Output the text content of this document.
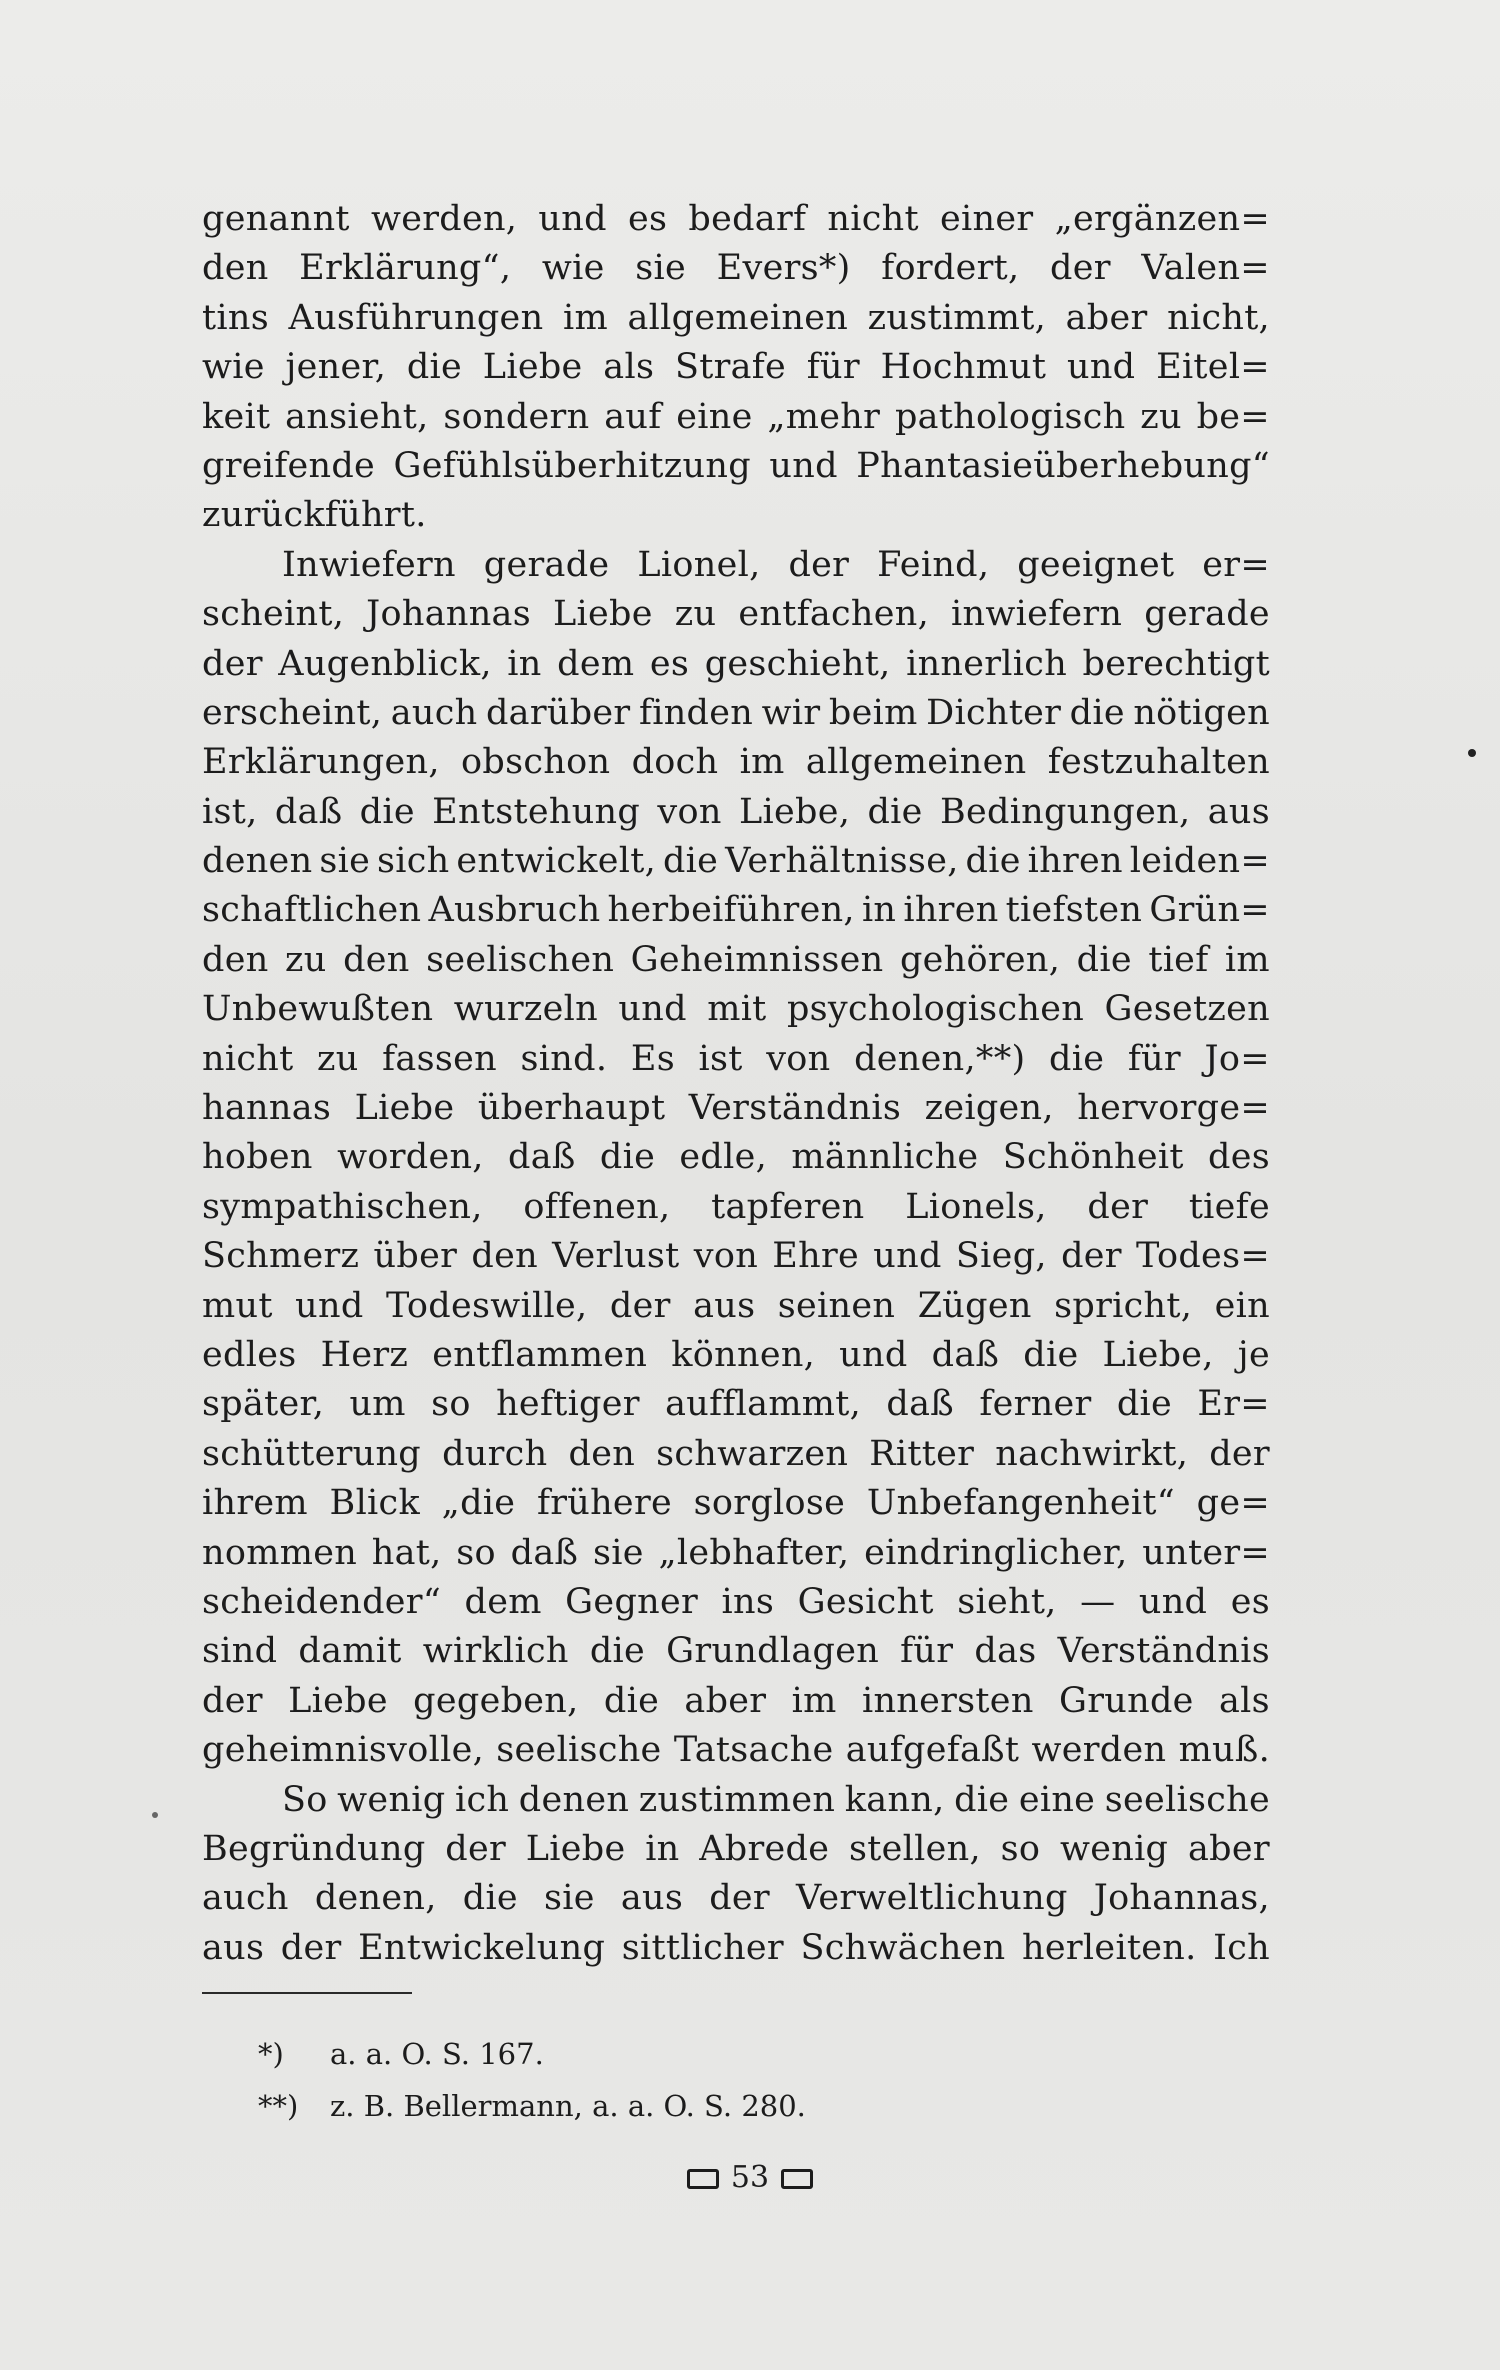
genannt werden, und es bedarf nicht einer „ergänzen=
den Erklärung“, wie sie Evers*) fordert, der Valen=
tins Ausführungen im allgemeinen zustimmt, aber nicht,
wie jener, die Liebe als Strafe für Hochmut und Eitel=
keit ansieht, sondern auf eine „mehr pathologisch zu be=
greifende Gefühlsüberhitzung und Phantasieüberhebung“
zurückführt.
Inwiefern gerade Lionel, der Feind, geeignet er=
scheint, Johannas Liebe zu entfachen, inwiefern gerade
der Augenblick, in dem es geschieht, innerlich berechtigt
erscheint, auch darüber finden wir beim Dichter die nötigen
Erklärungen, obschon doch im allgemeinen festzuhalten
ist, daß die Entstehung von Liebe, die Bedingungen, aus
denen sie sich entwickelt, die Verhältnisse, die ihren leiden=
schaftlichen Ausbruch herbeiführen, in ihren tiefsten Grün=
den zu den seelischen Geheimnissen gehören, die tief im
Unbewußten wurzeln und mit psychologischen Gesetzen
nicht zu fassen sind. Es ist von denen,**) die für Jo=
hannas Liebe überhaupt Verständnis zeigen, hervorge=
hoben worden, daß die edle, männliche Schönheit des
sympathischen, offenen, tapferen Lionels, der tiefe
Schmerz über den Verlust von Ehre und Sieg, der Todes=
mut und Todeswille, der aus seinen Zügen spricht, ein
edles Herz entflammen können, und daß die Liebe, je
später, um so heftiger aufflammt, daß ferner die Er=
schütterung durch den schwarzen Ritter nachwirkt, der
ihrem Blick „die frühere sorglose Unbefangenheit“ ge=
nommen hat, so daß sie „lebhafter, eindringlicher, unter=
scheidender“ dem Gegner ins Gesicht sieht, — und es
sind damit wirklich die Grundlagen für das Verständnis
der Liebe gegeben, die aber im innersten Grunde als
geheimnisvolle, seelische Tatsache aufgefaßt werden muß.
So wenig ich denen zustimmen kann, die eine seelische
Begründung der Liebe in Abrede stellen, so wenig aber
auch denen, die sie aus der Verweltlichung Johannas,
aus der Entwickelung sittlicher Schwächen herleiten. Ich
*)	a. a. O. S. 167.
**)	z. B. Bellermann, a. a. O. S. 280.
53
